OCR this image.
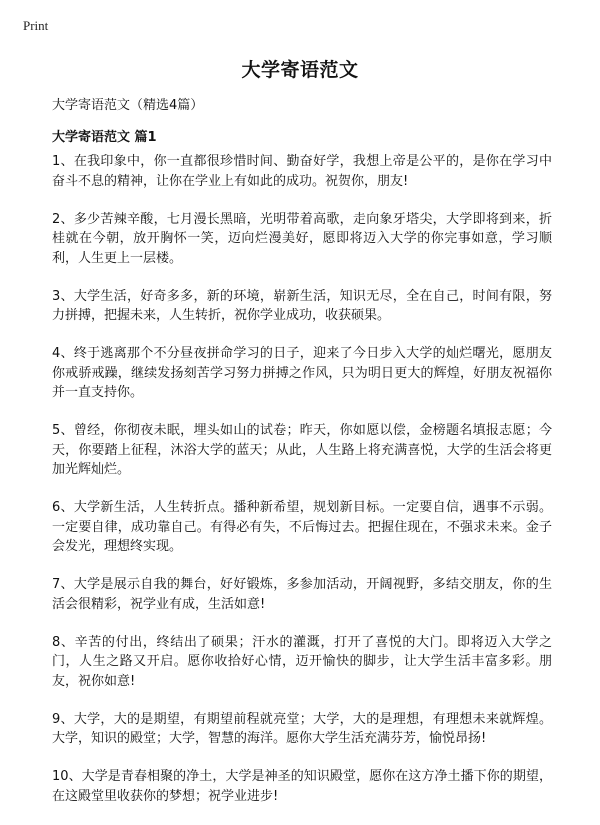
Print
大学寄语范文

大学寄语范文（精选4篇）

大学寄语范文 篇1

1、在我印象中，你一直都很珍惜时间、勤奋好学，我想上帝是公平的，是你在学习中奋斗不息的精神，让你在学业上有如此的成功。祝贺你，朋友!

2、多少苦辣辛酸，七月漫长黑暗，光明带着高歌，走向象牙塔尖，大学即将到来，折桂就在今朝，放开胸怀一笑，迈向烂漫美好，愿即将迈入大学的你完事如意，学习顺利，人生更上一层楼。

3、大学生活，好奇多多，新的环境，崭新生活，知识无尽，全在自己，时间有限，努力拼搏，把握未来，人生转折，祝你学业成功，收获硕果。

4、终于逃离那个不分昼夜拼命学习的日子，迎来了今日步入大学的灿烂曙光，愿朋友你戒骄戒躁，继续发扬刻苦学习努力拼搏之作风，只为明日更大的辉煌，好朋友祝福你并一直支持你。

5、曾经，你彻夜未眠，埋头如山的试卷；昨天，你如愿以偿，金榜题名填报志愿；今天，你要踏上征程，沐浴大学的蓝天；从此，人生路上将充满喜悦，大学的生活会将更加光辉灿烂。

6、大学新生活，人生转折点。播种新希望，规划新目标。一定要自信，遇事不示弱。一定要自律，成功靠自己。有得必有失，不后悔过去。把握住现在，不强求未来。金子会发光，理想终实现。

7、大学是展示自我的舞台，好好锻炼，多参加活动，开阔视野，多结交朋友，你的生活会很精彩，祝学业有成，生活如意!

8、辛苦的付出，终结出了硕果；汗水的灌溉，打开了喜悦的大门。即将迈入大学之门，人生之路又开启。愿你收拾好心情，迈开愉快的脚步，让大学生活丰富多彩。朋友，祝你如意!

9、大学，大的是期望，有期望前程就亮堂；大学，大的是理想，有理想未来就辉煌。大学，知识的殿堂；大学，智慧的海洋。愿你大学生活充满芬芳，愉悦昂扬!

10、大学是青春相聚的净土，大学是神圣的知识殿堂，愿你在这方净土播下你的期望，在这殿堂里收获你的梦想；祝学业进步!
